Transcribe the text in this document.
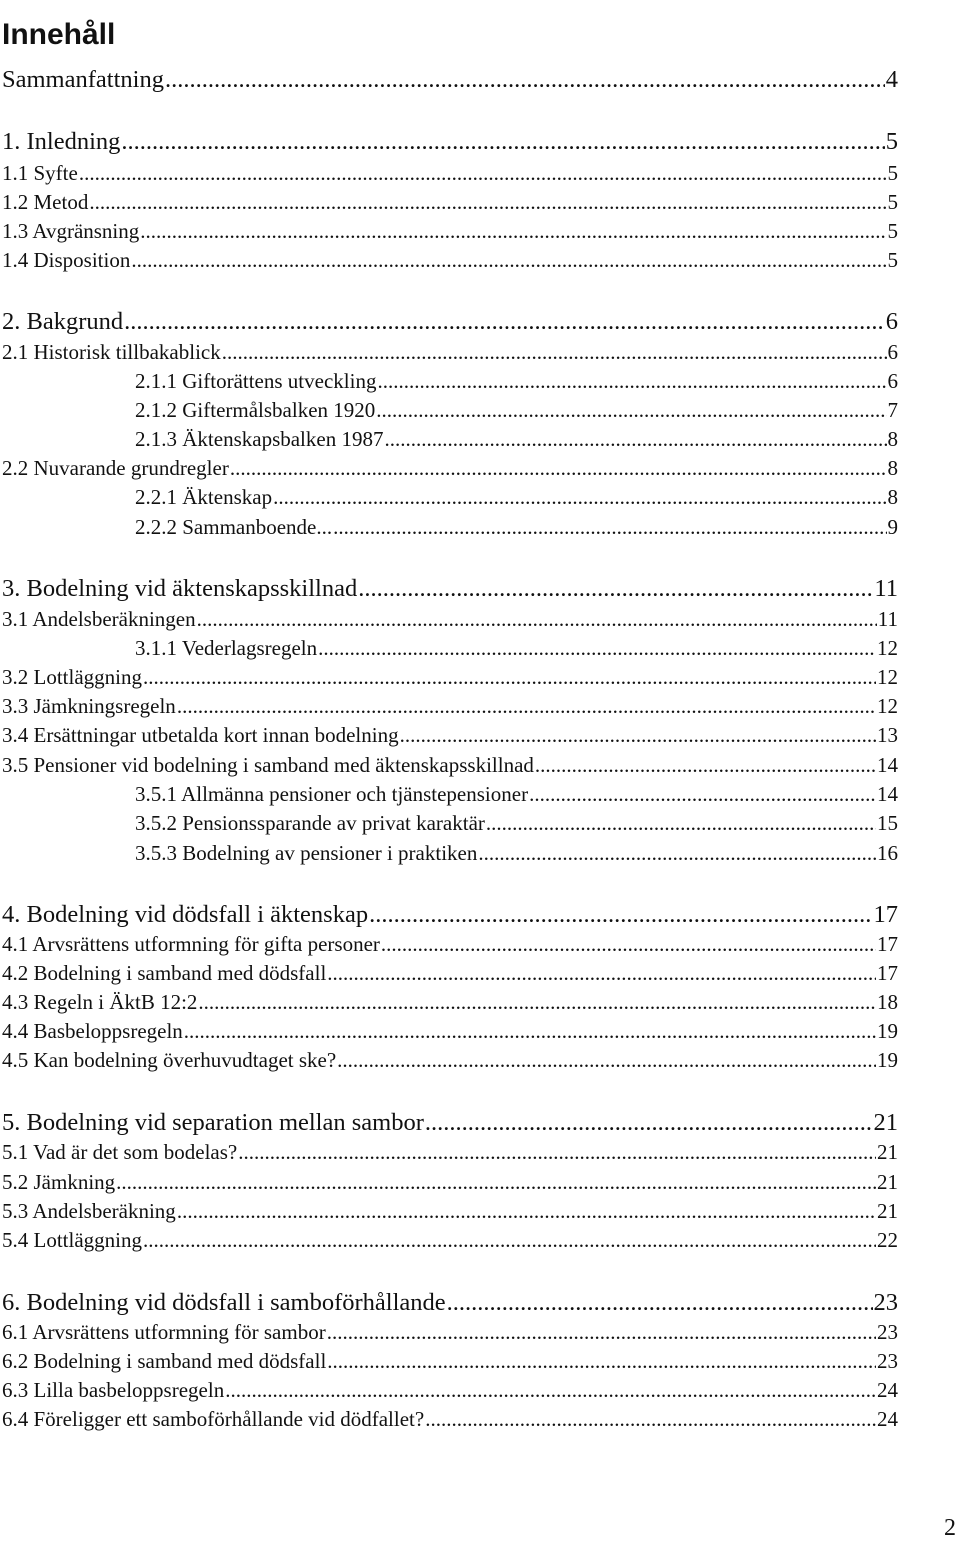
Innehåll
Sammanfattning .....	4
1. Inledning .....	5
1.1 Syfte .....	5
1.2 Metod .....	5
1.3 Avgränsning .....	5
1.4 Disposition .....	5
2. Bakgrund .....	6
2.1 Historisk tillbakablick .....	6
2.1.1 Giftorättens utveckling .....	6
2.1.2 Giftermålsbalken 1920 .....	7
2.1.3 Äktenskapsbalken 1987 .....	8
2.2 Nuvarande grundregler .....	8
2.2.1 Äktenskap .....	8
2.2.2 Sammanboende... .....	9
3. Bodelning vid äktenskapsskillnad .....	11
3.1 Andelsberäkningen .....	11
3.1.1 Vederlagsregeln .....	12
3.2 Lottläggning .....	12
3.3 Jämkningsregeln .....	12
3.4 Ersättningar utbetalda kort innan bodelning .....	13
3.5 Pensioner vid bodelning i samband med äktenskapsskillnad .....	14
3.5.1 Allmänna pensioner och tjänstepensioner .....	14
3.5.2 Pensionssparande av privat karaktär .....	15
3.5.3 Bodelning av pensioner i praktiken .....	16
4. Bodelning vid dödsfall i äktenskap .....	17
4.1 Arvsrättens utformning för gifta personer .....	17
4.2 Bodelning i samband med dödsfall .....	17
4.3 Regeln i ÄktB 12:2 .....	18
4.4 Basbeloppsregeln .....	19
4.5 Kan bodelning överhuvudtaget ske? .....	19
5. Bodelning vid separation mellan sambor .....	21
5.1 Vad är det som bodelas? .....	21
5.2 Jämkning .....	21
5.3 Andelsberäkning .....	21
5.4 Lottläggning .....	22
6. Bodelning vid dödsfall i samboförhållande .....	23
6.1 Arvsrättens utformning för sambor .....	23
6.2 Bodelning i samband med dödsfall .....	23
6.3 Lilla basbeloppsregeln .....	24
6.4 Föreligger ett samboförhållande vid dödfallet? .....	24
2
